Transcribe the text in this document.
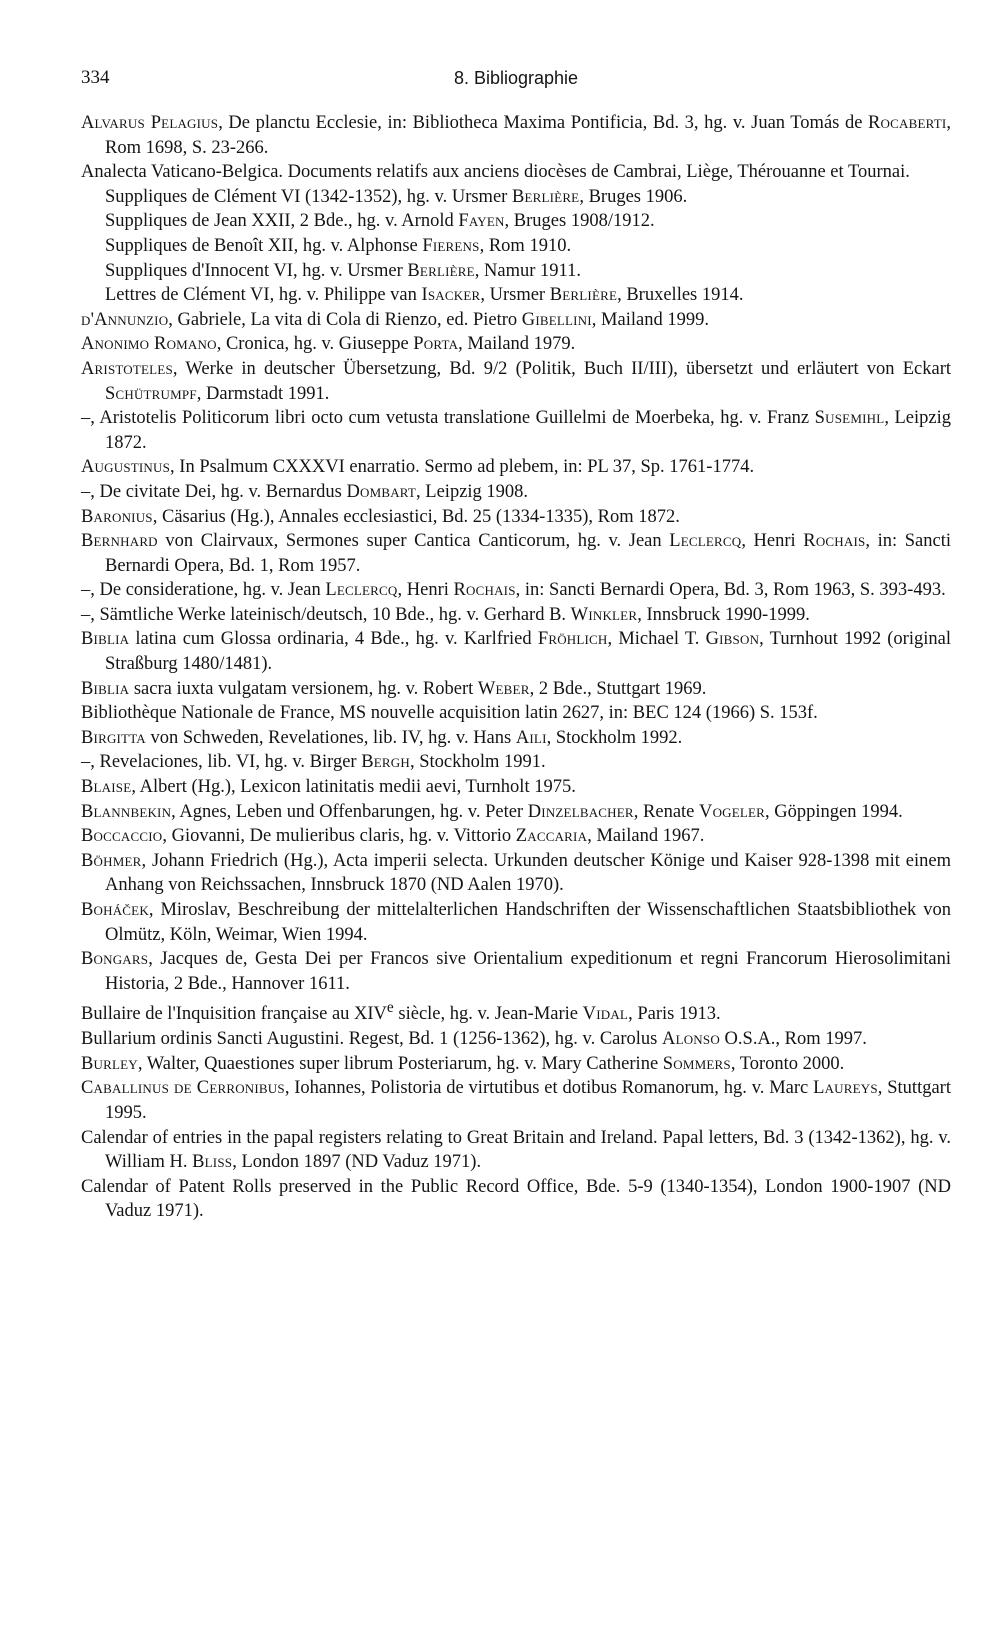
334	8. Bibliographie

Alvarus Pelagius, De planctu Ecclesie, in: Bibliotheca Maxima Pontificia, Bd. 3, hg. v. Juan Tomás de Rocaberti, Rom 1698, S. 23-266.

Analecta Vaticano-Belgica. Documents relatifs aux anciens diocèses de Cambrai, Liège, Thérouanne et Tournai.

Suppliques de Clément VI (1342-1352), hg. v. Ursmer Berlière, Bruges 1906.

Suppliques de Jean XXII, 2 Bde., hg. v. Arnold Fayen, Bruges 1908/1912.

Suppliques de Benoît XII, hg. v. Alphonse Fierens, Rom 1910.

Suppliques d'Innocent VI, hg. v. Ursmer Berlière, Namur 1911.

Lettres de Clément VI, hg. v. Philippe van Isacker, Ursmer Berlière, Bruxelles 1914.

d'Annunzio, Gabriele, La vita di Cola di Rienzo, ed. Pietro Gibellini, Mailand 1999.

Anonimo Romano, Cronica, hg. v. Giuseppe Porta, Mailand 1979.

Aristoteles, Werke in deutscher Übersetzung, Bd. 9/2 (Politik, Buch II/III), übersetzt und erläutert von Eckart Schütrumpf, Darmstadt 1991.

–, Aristotelis Politicorum libri octo cum vetusta translatione Guillelmi de Moerbeka, hg. v. Franz Susemihl, Leipzig 1872.

Augustinus, In Psalmum CXXXVI enarratio. Sermo ad plebem, in: PL 37, Sp. 1761-1774.

–, De civitate Dei, hg. v. Bernardus Dombart, Leipzig 1908.

Baronius, Cäsarius (Hg.), Annales ecclesiastici, Bd. 25 (1334-1335), Rom 1872.

Bernhard von Clairvaux, Sermones super Cantica Canticorum, hg. v. Jean Leclercq, Henri Rochais, in: Sancti Bernardi Opera, Bd. 1, Rom 1957.

–, De consideratione, hg. v. Jean Leclercq, Henri Rochais, in: Sancti Bernardi Opera, Bd. 3, Rom 1963, S. 393-493.

–, Sämtliche Werke lateinisch/deutsch, 10 Bde., hg. v. Gerhard B. Winkler, Innsbruck 1990-1999.

Biblia latina cum Glossa ordinaria, 4 Bde., hg. v. Karlfried Fröhlich, Michael T. Gibson, Turnhout 1992 (original Straßburg 1480/1481).

Biblia sacra iuxta vulgatam versionem, hg. v. Robert Weber, 2 Bde., Stuttgart 1969.

Bibliothèque Nationale de France, MS nouvelle acquisition latin 2627, in: BEC 124 (1966) S. 153f.

Birgitta von Schweden, Revelationes, lib. IV, hg. v. Hans Aili, Stockholm 1992.

–, Revelaciones, lib. VI, hg. v. Birger Bergh, Stockholm 1991.

Blaise, Albert (Hg.), Lexicon latinitatis medii aevi, Turnholt 1975.

Blannbekin, Agnes, Leben und Offenbarungen, hg. v. Peter Dinzelbacher, Renate Vogeler, Göppingen 1994.

Boccaccio, Giovanni, De mulieribus claris, hg. v. Vittorio Zaccaria, Mailand 1967.

Böhmer, Johann Friedrich (Hg.), Acta imperii selecta. Urkunden deutscher Könige und Kaiser 928-1398 mit einem Anhang von Reichssachen, Innsbruck 1870 (ND Aalen 1970).

Boháček, Miroslav, Beschreibung der mittelalterlichen Handschriften der Wissenschaftlichen Staatsbibliothek von Olmütz, Köln, Weimar, Wien 1994.

Bongars, Jacques de, Gesta Dei per Francos sive Orientalium expeditionum et regni Francorum Hierosolimitani Historia, 2 Bde., Hannover 1611.

Bullaire de l'Inquisition française au XIVe siècle, hg. v. Jean-Marie Vidal, Paris 1913.

Bullarium ordinis Sancti Augustini. Regest, Bd. 1 (1256-1362), hg. v. Carolus Alonso O.S.A., Rom 1997.

Burley, Walter, Quaestiones super librum Posteriarum, hg. v. Mary Catherine Sommers, Toronto 2000.

Caballinus de Cerronibus, Iohannes, Polistoria de virtutibus et dotibus Romanorum, hg. v. Marc Laureys, Stuttgart 1995.

Calendar of entries in the papal registers relating to Great Britain and Ireland. Papal letters, Bd. 3 (1342-1362), hg. v. William H. Bliss, London 1897 (ND Vaduz 1971).

Calendar of Patent Rolls preserved in the Public Record Office, Bde. 5-9 (1340-1354), London 1900-1907 (ND Vaduz 1971).
